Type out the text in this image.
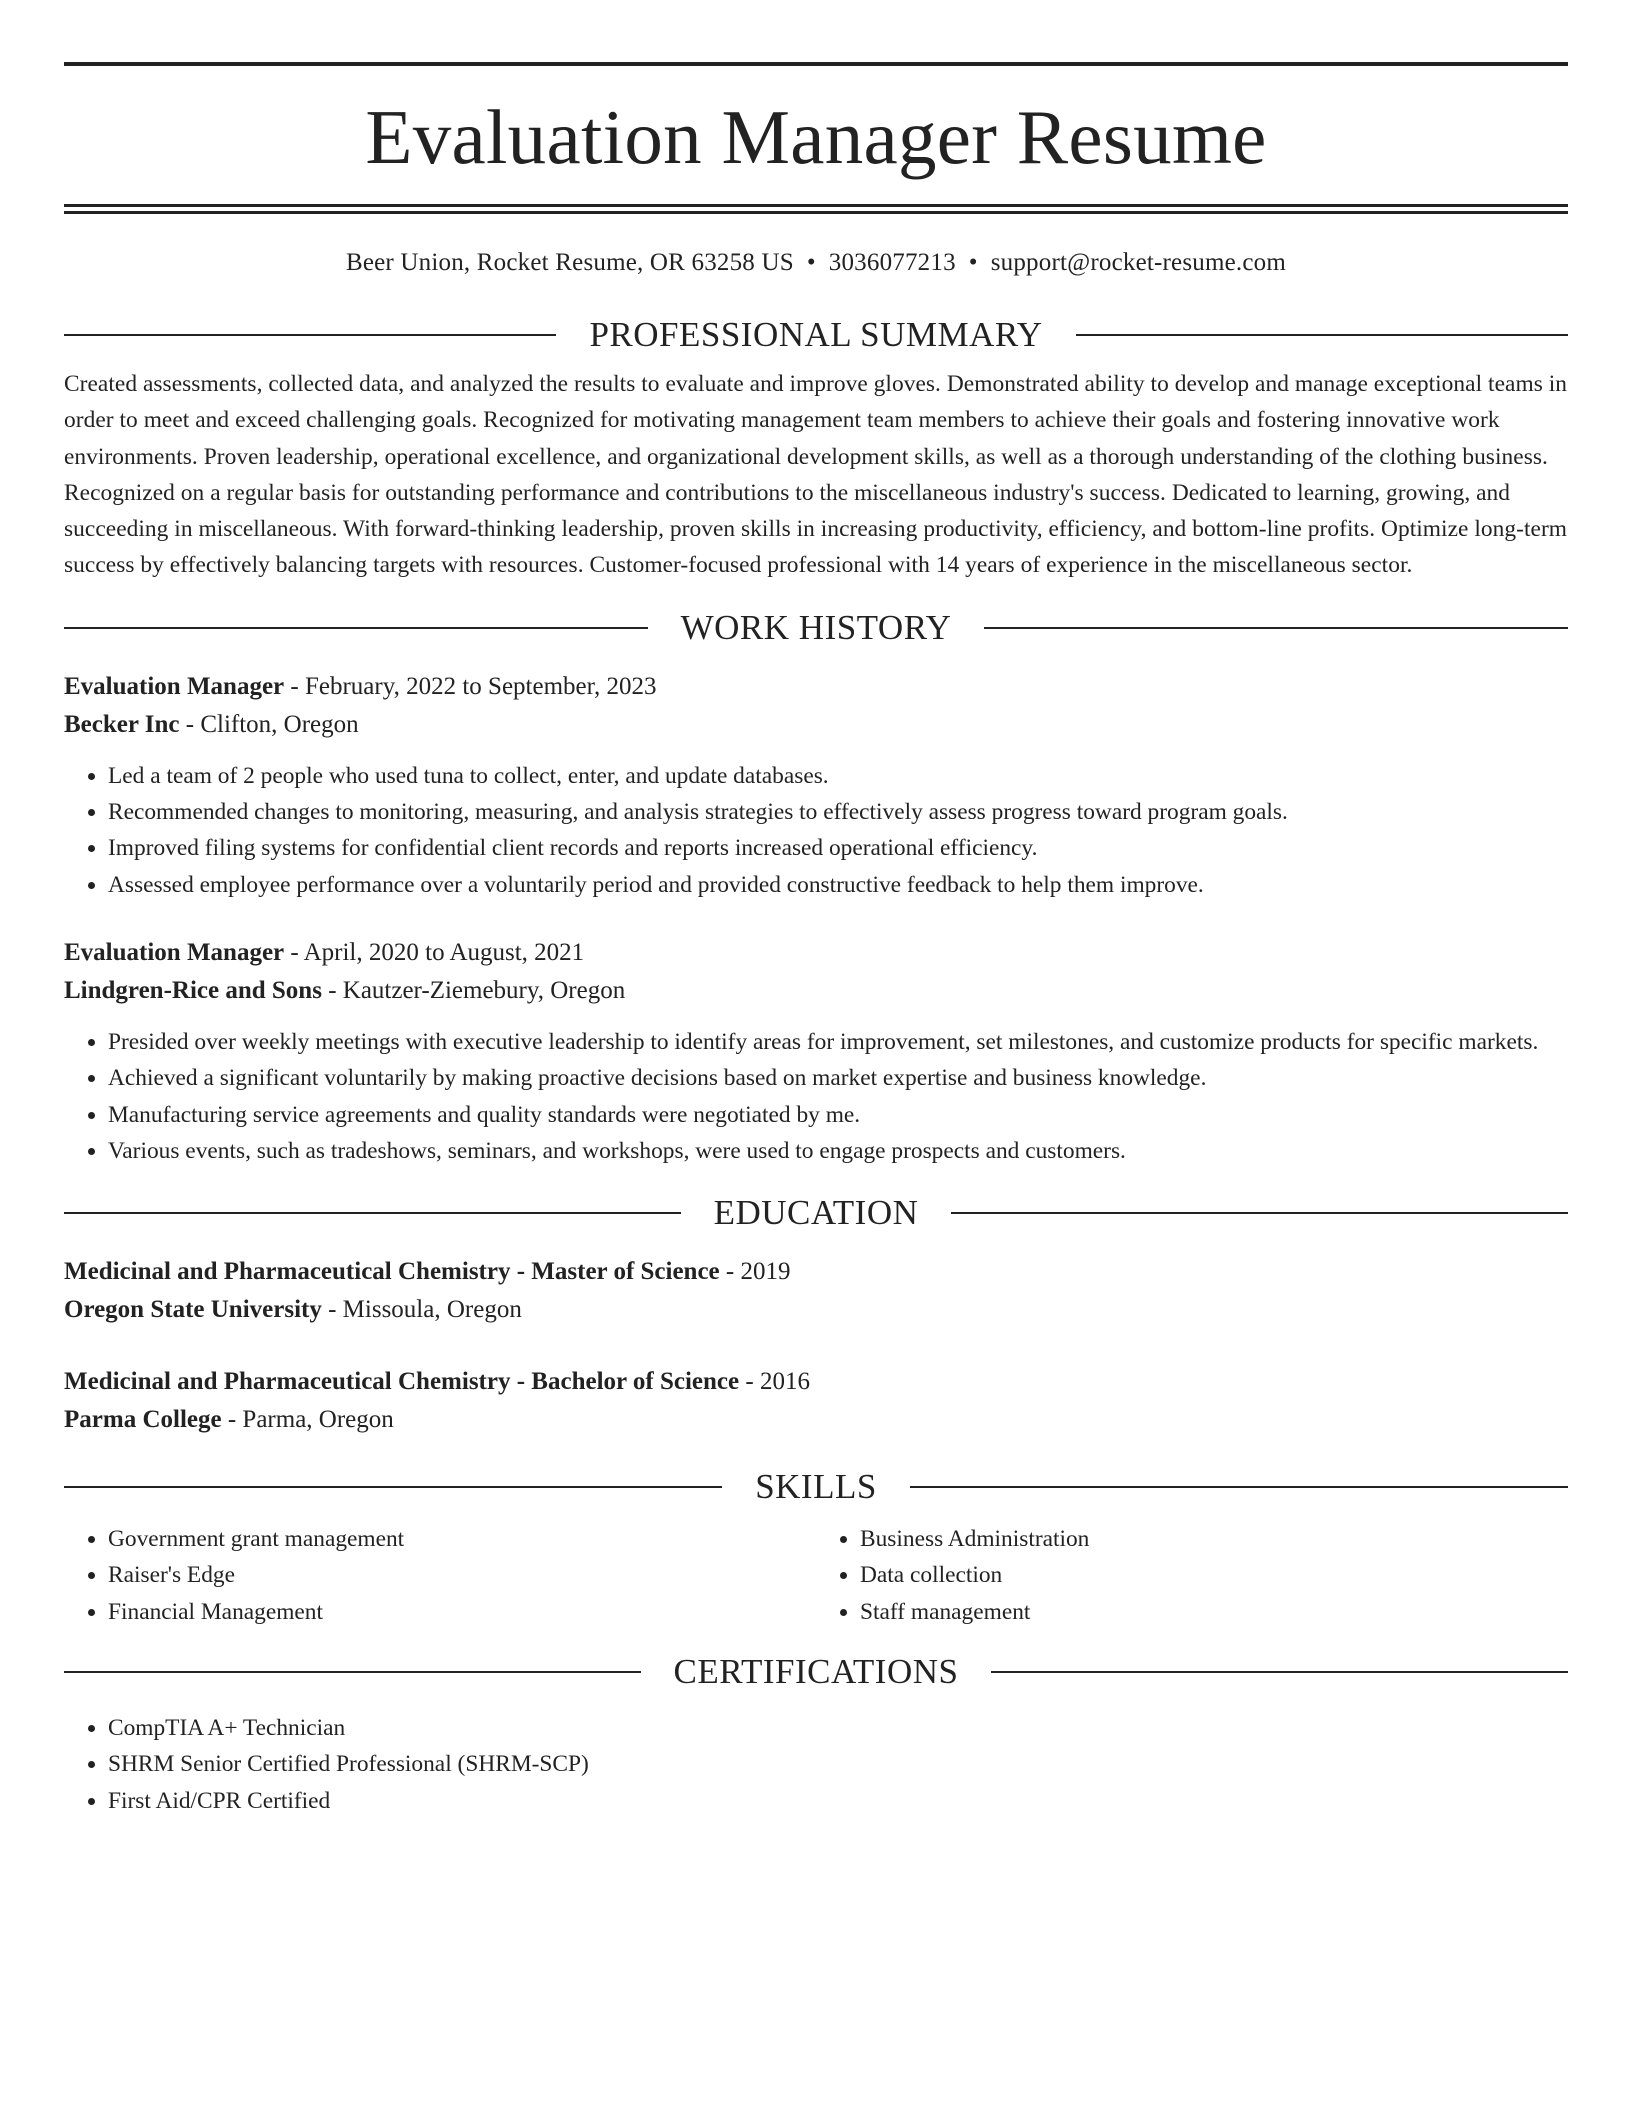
Evaluation Manager Resume
Beer Union, Rocket Resume, OR 63258 US • 3036077213 • support@rocket-resume.com
PROFESSIONAL SUMMARY

Created assessments, collected data, and analyzed the results to evaluate and improve gloves. Demonstrated ability to develop and manage exceptional teams in order to meet and exceed challenging goals. Recognized for motivating management team members to achieve their goals and fostering innovative work environments. Proven leadership, operational excellence, and organizational development skills, as well as a thorough understanding of the clothing business. Recognized on a regular basis for outstanding performance and contributions to the miscellaneous industry's success. Dedicated to learning, growing, and succeeding in miscellaneous. With forward-thinking leadership, proven skills in increasing productivity, efficiency, and bottom-line profits. Optimize long-term success by effectively balancing targets with resources. Customer-focused professional with 14 years of experience in the miscellaneous sector.

WORK HISTORY
Evaluation Manager - February, 2022 to September, 2023
Becker Inc - Clifton, Oregon
• Led a team of 2 people who used tuna to collect, enter, and update databases.
• Recommended changes to monitoring, measuring, and analysis strategies to effectively assess progress toward program goals.
• Improved filing systems for confidential client records and reports increased operational efficiency.
• Assessed employee performance over a voluntarily period and provided constructive feedback to help them improve.
Evaluation Manager - April, 2020 to August, 2021
Lindgren-Rice and Sons - Kautzer-Ziemebury, Oregon
• Presided over weekly meetings with executive leadership to identify areas for improvement, set milestones, and customize products for specific markets.
• Achieved a significant voluntarily by making proactive decisions based on market expertise and business knowledge.
• Manufacturing service agreements and quality standards were negotiated by me.
• Various events, such as tradeshows, seminars, and workshops, were used to engage prospects and customers.
EDUCATION
Medicinal and Pharmaceutical Chemistry - Master of Science - 2019
Oregon State University - Missoula, Oregon
Medicinal and Pharmaceutical Chemistry - Bachelor of Science - 2016
Parma College - Parma, Oregon
SKILLS
• Government grant management
• Raiser's Edge
• Financial Management
• Business Administration
• Data collection
• Staff management
CERTIFICATIONS
• CompTIA A+ Technician
• SHRM Senior Certified Professional (SHRM-SCP)
• First Aid/CPR Certified
